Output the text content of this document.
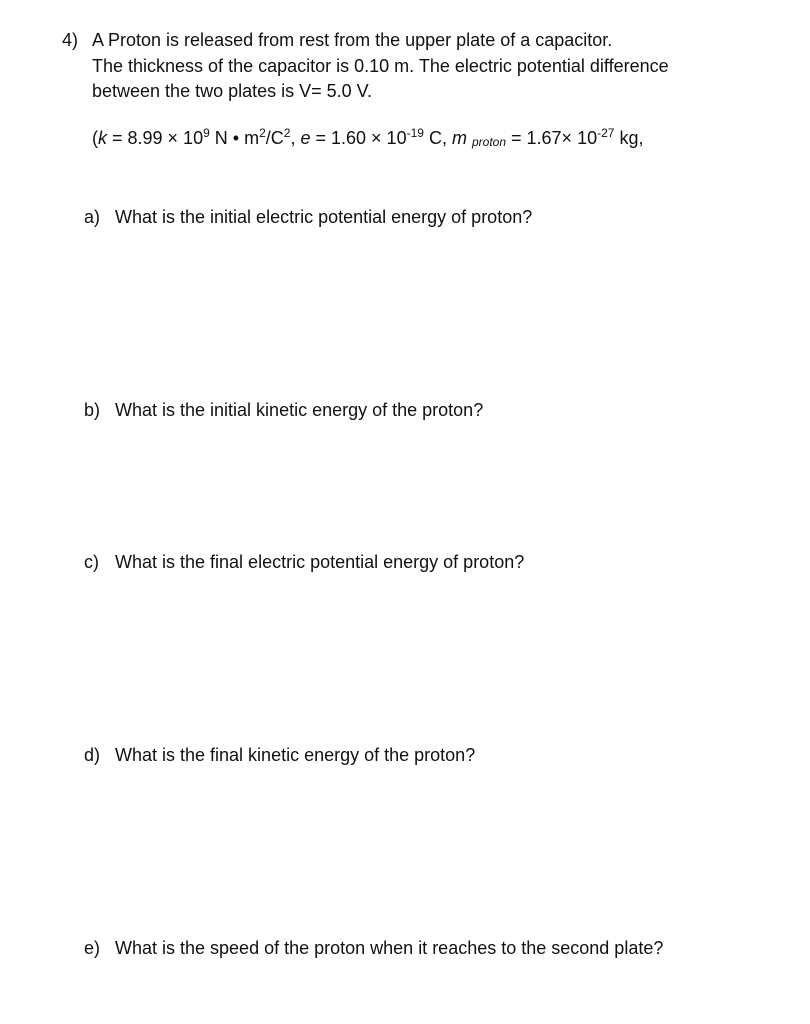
4) A Proton is released from rest from the upper plate of a capacitor.
The thickness of the capacitor is 0.10 m. The electric potential difference
between the two plates is V= 5.0 V.
($k = 8.99 \times 10^9$ N • $m^2/C^2$, $e = 1.60 \times 10^{-19}$ C, m $_{proton} = 1.67\times 10^{-27}$ kg,
a) What is the initial electric potential energy of proton?
b) What is the initial kinetic energy of the proton?
c) What is the final electric potential energy of proton?
d) What is the final kinetic energy of the proton?
e) What is the speed of the proton when it reaches to the second plate?
